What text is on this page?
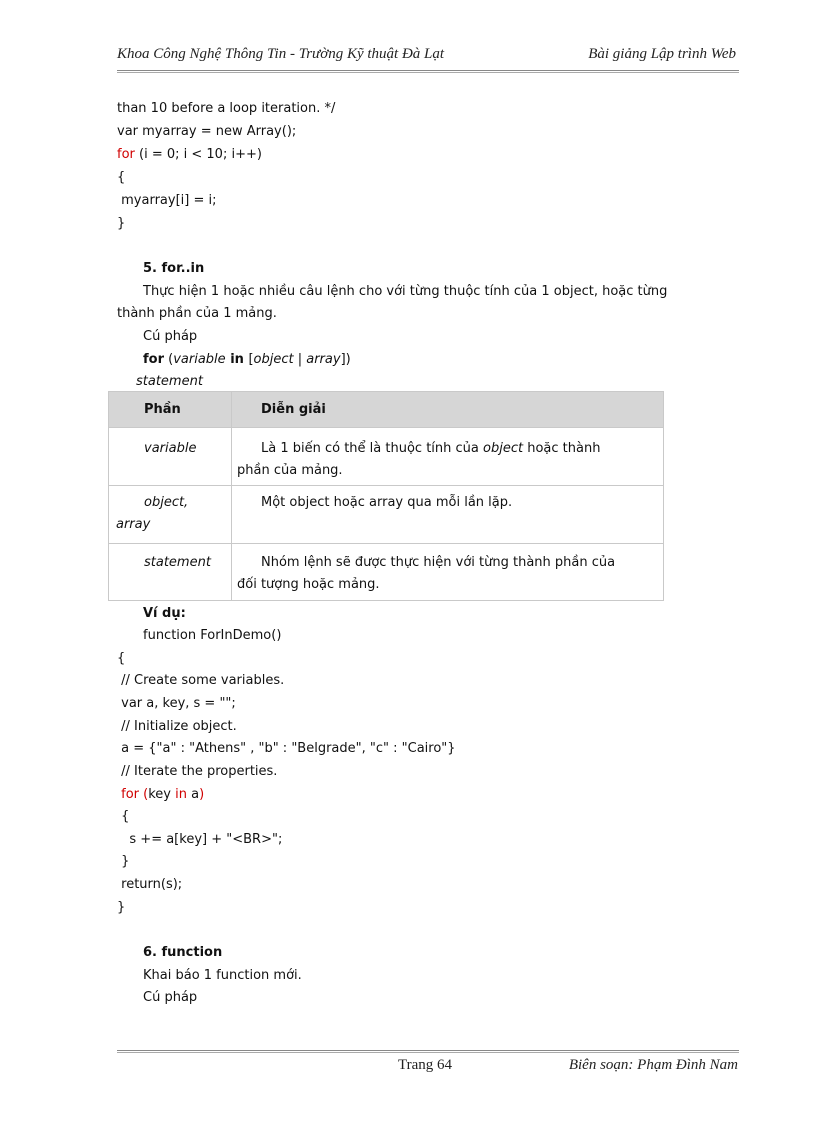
Khoa Công Nghệ Thông Tin - Trường Kỹ thuật Đà Lạt	Bài giảng Lập trình Web
than 10 before a loop iteration. */
var myarray = new Array();
for (i = 0; i < 10; i++)
{
myarray[i] = i;
}
5. for..in
Thực hiện 1 hoặc nhiều câu lệnh cho với từng thuộc tính của 1 object, hoặc từng
thành phần của 1 mảng.
Cú pháp
for (variable in [object | array])
statement
Phần	Diễn giải

variable	Là 1 biến có thể là thuộc tính của object hoặc thành
phần của mảng.

object,
array	Một object hoặc array qua mỗi lần lặp.

statement	Nhóm lệnh sẽ được thực hiện với từng thành phần của
đối tượng hoặc mảng.
Ví dụ:
function ForInDemo()
{
// Create some variables.
var a, key, s = "";
// Initialize object.
a = {"a" : "Athens" , "b" : "Belgrade", "c" : "Cairo"}
// Iterate the properties.
for (key in a)
{
s += a[key] + "<BR>";
}
return(s);
}
6. function
Khai báo 1 function mới.
Cú pháp
Trang 64	Biên soạn: Phạm Đình Nam
